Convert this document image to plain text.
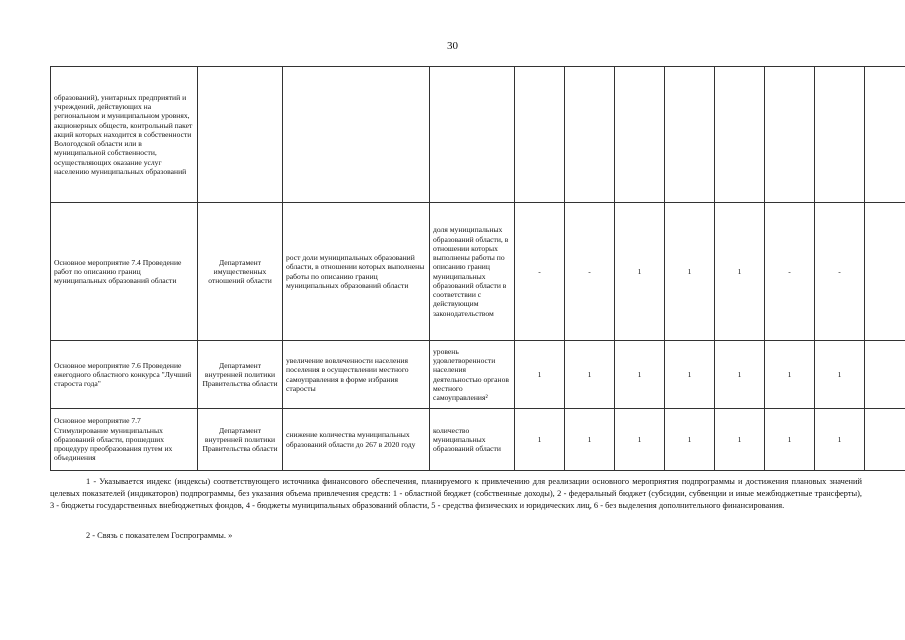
30
образований), унитарных предприятий и учреждений, действующих на региональном и муниципальном уровнях, акционерных обществ, контрольный пакет акций которых находится в собственности Вологодской области или в муниципальной собственности, осуществляющих оказание услуг населению муниципальных образований											
Основное мероприятие 7.4 Проведение работ по описанию границ муниципальных образований области	Департамент имущественных отношений области	рост доли муниципальных образований области, в отношении которых выполнены работы по описанию границ муниципальных образований области	доля муниципальных образований области, в отношении которых выполнены работы по описанию границ муниципальных образований области в соответствии с действующим законодательством	-	-	1	1	1	-	-	
Основное мероприятие 7.6 Проведение ежегодного областного конкурса "Лучший староста года"	Департамент внутренней политики Правительства области	увеличение вовлеченности населения поселения в осуществлении местного самоуправления в форме избрания старосты	уровень удовлетворенности населения деятельностью органов местного самоуправления²	1	1	1	1	1	1	1	
Основное мероприятие 7.7 Стимулирование муниципальных образований области, прошедших процедуру преобразования путем их объединения	Департамент внутренней политики Правительства области	снижение количества муниципальных образований области до 267 в 2020 году	количество муниципальных образований области	1	1	1	1	1	1	1	

1 - Указывается индекс (индексы) соответствующего источника финансового обеспечения, планируемого к привлечению для реализации основного мероприятия подпрограммы и достижения плановых значений целевых показателей (индикаторов) подпрограммы, без указания объема привлечения средств: 1 - областной бюджет (собственные доходы), 2 - федеральный бюджет (субсидии, субвенции и иные межбюджетные трансферты), 3 - бюджеты государственных внебюджетных фондов, 4 - бюджеты муниципальных образований области, 5 - средства физических и юридических лиц, 6 - без выделения дополнительного финансирования.

2 - Связь с показателем Госпрограммы. »
